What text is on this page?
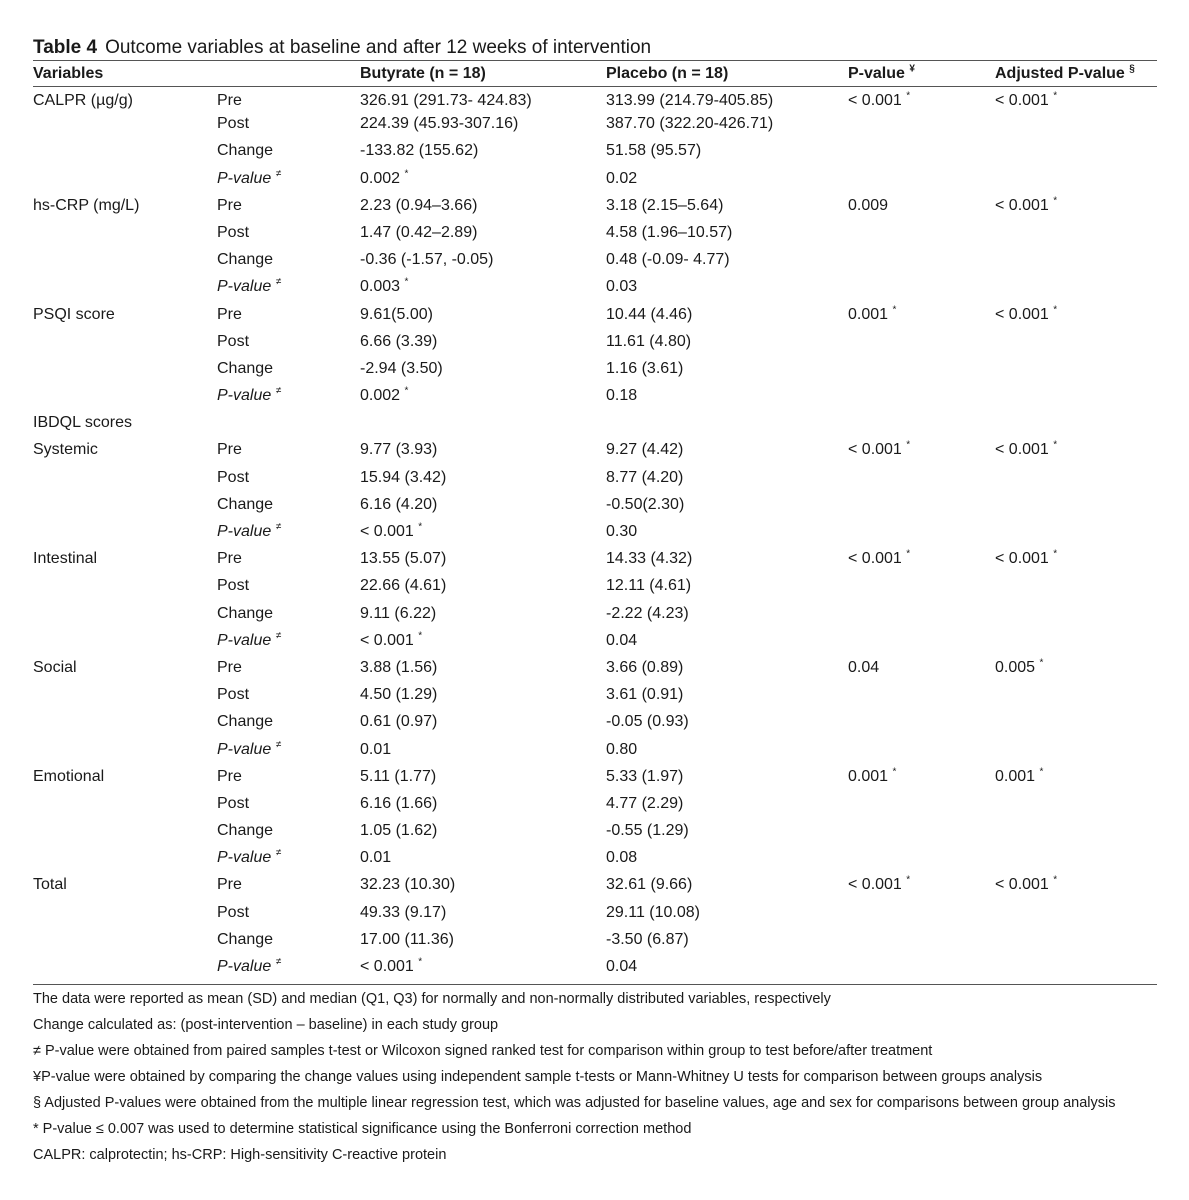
Table 4 Outcome variables at baseline and after 12 weeks of intervention
Variables		Butyrate (n = 18)	Placebo (n = 18)	P-value ¥	Adjusted P-value §
CALPR (µg/g)	Pre	326.91 (291.73- 424.83)	313.99 (214.79-405.85)	< 0.001 *	< 0.001 *
	Post	224.39 (45.93-307.16)	387.70 (322.20-426.71)		
	Change	-133.82 (155.62)	51.58 (95.57)		
	P-value ≠	0.002 *	0.02		
hs-CRP (mg/L)	Pre	2.23 (0.94–3.66)	3.18 (2.15–5.64)	0.009	< 0.001 *
	Post	1.47 (0.42–2.89)	4.58 (1.96–10.57)		
	Change	-0.36 (-1.57, -0.05)	0.48 (-0.09- 4.77)		
	P-value ≠	0.003 *	0.03		
PSQI score	Pre	9.61(5.00)	10.44 (4.46)	0.001 *	< 0.001 *
	Post	6.66 (3.39)	11.61 (4.80)		
	Change	-2.94 (3.50)	1.16 (3.61)		
	P-value ≠	0.002 *	0.18		
IBDQL scores					
Systemic	Pre	9.77 (3.93)	9.27 (4.42)	< 0.001 *	< 0.001 *
	Post	15.94 (3.42)	8.77 (4.20)		
	Change	6.16 (4.20)	-0.50(2.30)		
	P-value ≠	< 0.001 *	0.30		
Intestinal	Pre	13.55 (5.07)	14.33 (4.32)	< 0.001 *	< 0.001 *
	Post	22.66 (4.61)	12.11 (4.61)		
	Change	9.11 (6.22)	-2.22 (4.23)		
	P-value ≠	< 0.001 *	0.04		
Social	Pre	3.88 (1.56)	3.66 (0.89)	0.04	0.005 *
	Post	4.50 (1.29)	3.61 (0.91)		
	Change	0.61 (0.97)	-0.05 (0.93)		
	P-value ≠	0.01	0.80		
Emotional	Pre	5.11 (1.77)	5.33 (1.97)	0.001 *	0.001 *
	Post	6.16 (1.66)	4.77 (2.29)		
	Change	1.05 (1.62)	-0.55 (1.29)		
	P-value ≠	0.01	0.08		
Total	Pre	32.23 (10.30)	32.61 (9.66)	< 0.001 *	< 0.001 *
	Post	49.33 (9.17)	29.11 (10.08)		
	Change	17.00 (11.36)	-3.50 (6.87)		
	P-value ≠	< 0.001 *	0.04		
The data were reported as mean (SD) and median (Q1, Q3) for normally and non-normally distributed variables, respectively
Change calculated as: (post-intervention – baseline) in each study group
≠ P-value were obtained from paired samples t-test or Wilcoxon signed ranked test for comparison within group to test before/after treatment
¥P-value were obtained by comparing the change values using independent sample t-tests or Mann-Whitney U tests for comparison between groups analysis
§ Adjusted P-values were obtained from the multiple linear regression test, which was adjusted for baseline values, age and sex for comparisons between group analysis
* P-value ≤ 0.007 was used to determine statistical significance using the Bonferroni correction method
CALPR: calprotectin; hs-CRP: High-sensitivity C-reactive protein
